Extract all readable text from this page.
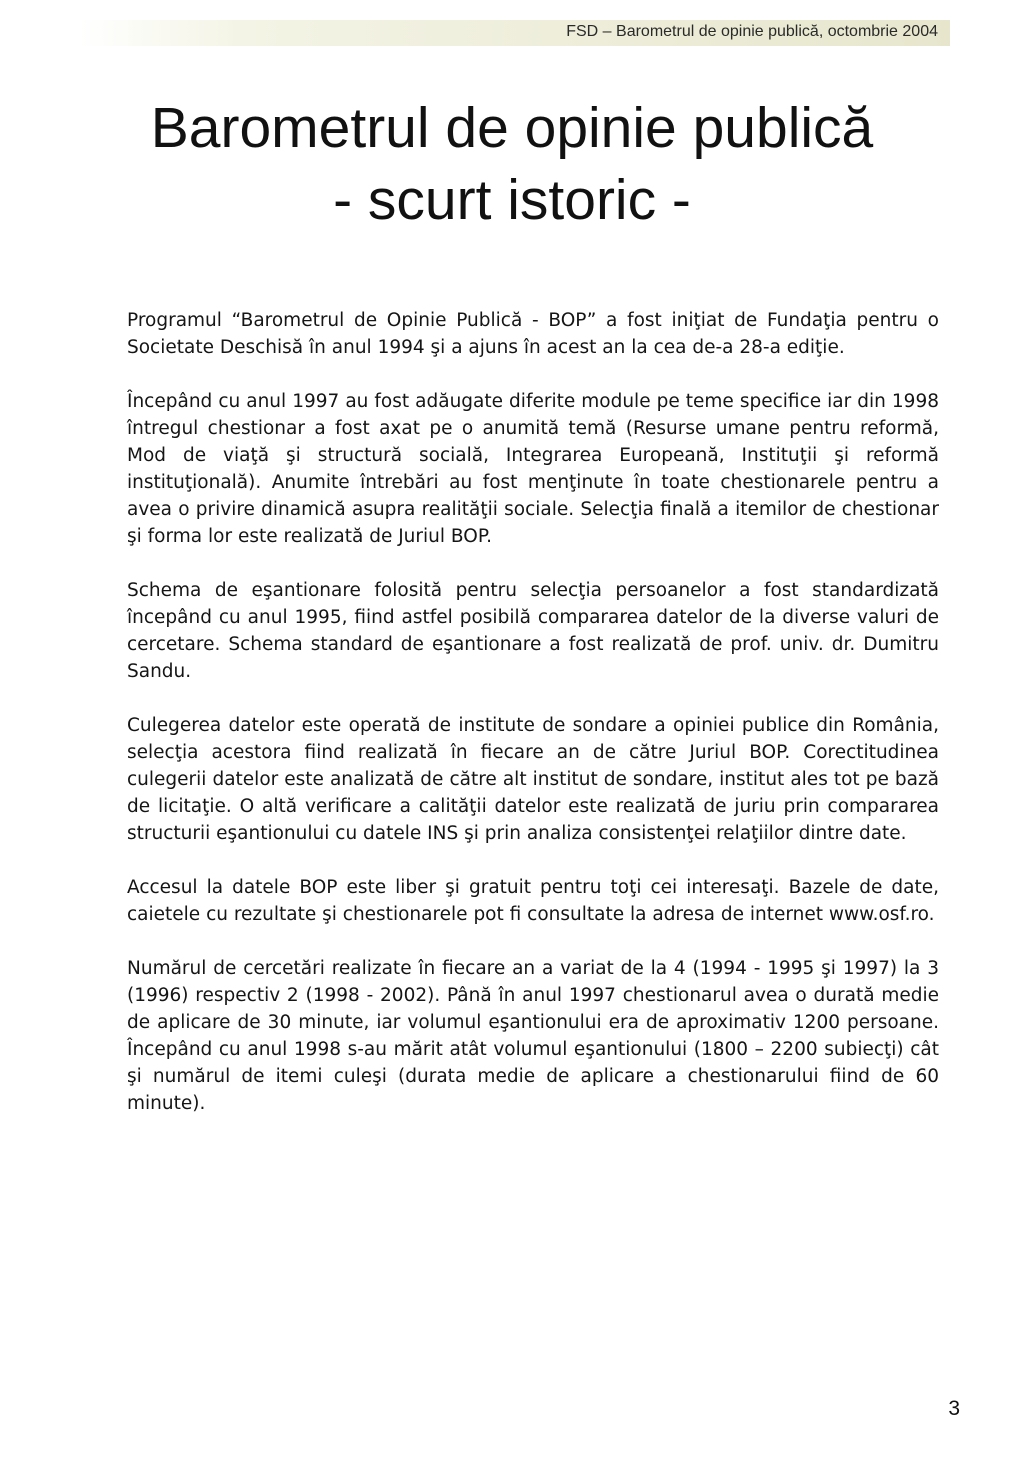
FSD – Barometrul de opinie publică, octombrie 2004
Barometrul de opinie publică
- scurt istoric -

Programul “Barometrul de Opinie Publică - BOP” a fost iniţiat de Fundaţia pentru o Societate Deschisă în anul 1994 şi a ajuns în acest an la cea de-a 28-a ediţie.

Începând cu anul 1997 au fost adăugate diferite module pe teme specifice iar din 1998 întregul chestionar a fost axat pe o anumită temă (Resurse umane pentru reformă, Mod de viaţă şi structură socială, Integrarea Europeană, Instituţii şi reformă instituţională). Anumite întrebări au fost menţinute în toate chestionarele pentru a avea o privire dinamică asupra realităţii sociale. Selecţia finală a itemilor de chestionar şi forma lor este realizată de Juriul BOP.

Schema de eşantionare folosită pentru selecţia persoanelor a fost standardizată începând cu anul 1995, fiind astfel posibilă compararea datelor de la diverse valuri de cercetare. Schema standard de eşantionare a fost realizată de prof. univ. dr. Dumitru Sandu.

Culegerea datelor este operată de institute de sondare a opiniei publice din România, selecţia acestora fiind realizată în fiecare an de către Juriul BOP. Corectitudinea culegerii datelor este analizată de către alt institut de sondare, institut ales tot pe bază de licitaţie. O altă verificare a calităţii datelor este realizată de juriu prin compararea structurii eşantionului cu datele INS şi prin analiza consistenţei relaţiilor dintre date.

Accesul la datele BOP este liber şi gratuit pentru toţi cei interesaţi. Bazele de date, caietele cu rezultate şi chestionarele pot fi consultate la adresa de internet www.osf.ro.

Numărul de cercetări realizate în fiecare an a variat de la 4 (1994 - 1995 şi 1997) la 3 (1996) respectiv 2 (1998 - 2002). Până în anul 1997 chestionarul avea o durată medie de aplicare de 30 minute, iar volumul eşantionului era de aproximativ 1200 persoane. Începând cu anul 1998 s-au mărit atât volumul eşantionului (1800 – 2200 subiecţi) cât şi numărul de itemi culeşi (durata medie de aplicare a chestionarului fiind de 60 minute).

3
